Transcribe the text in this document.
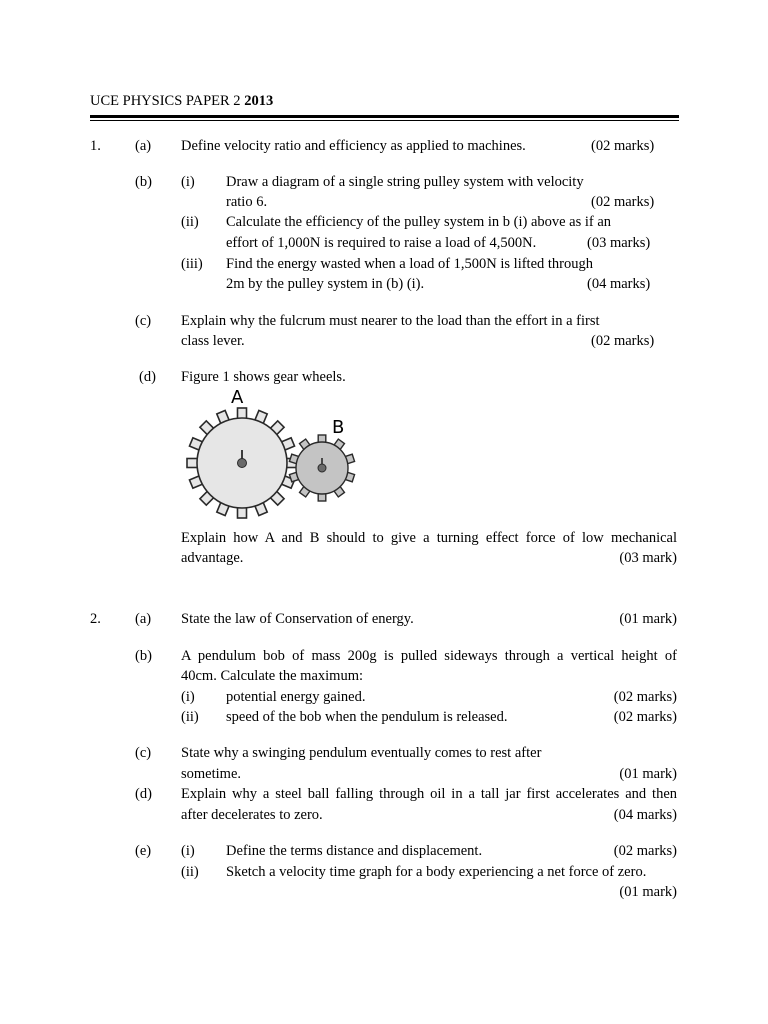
UCE PHYSICS PAPER 2 2013
1. (a) Define velocity ratio and efficiency as applied to machines.	(02 marks)
(b) (i) Draw a diagram of a single string pulley system with velocity
ratio 6.	(02 marks)
(ii) Calculate the efficiency of the pulley system in b (i) above as if an
effort of 1,000N is required to raise a load of 4,500N.	(03 marks)
(iii) Find the energy wasted when a load of 1,500N is lifted through
2m by the pulley system in (b) (i).	(04 marks)
(c) Explain why the fulcrum must nearer to the load than the effort in a first
class lever.	(02 marks)
(d) Figure 1 shows gear wheels.
A
B
Explain how A and B should to give a turning effect force of low mechanical
advantage.	(03 mark)
2. (a) State the law of Conservation of energy.	(01 mark)
(b) A pendulum bob of mass 200g is pulled sideways through a vertical height of
40cm. Calculate the maximum:
(i) potential energy gained.	(02 marks)
(ii) speed of the bob when the pendulum is released.	(02 marks)
(c) State why a swinging pendulum eventually comes to rest after
sometime.	(01 mark)
(d) Explain why a steel ball falling through oil in a tall jar first accelerates and then
after decelerates to zero.	(04 marks)
(e) (i) Define the terms distance and displacement.	(02 marks)
(ii) Sketch a velocity time graph for a body experiencing a net force of zero.
(01 mark)
